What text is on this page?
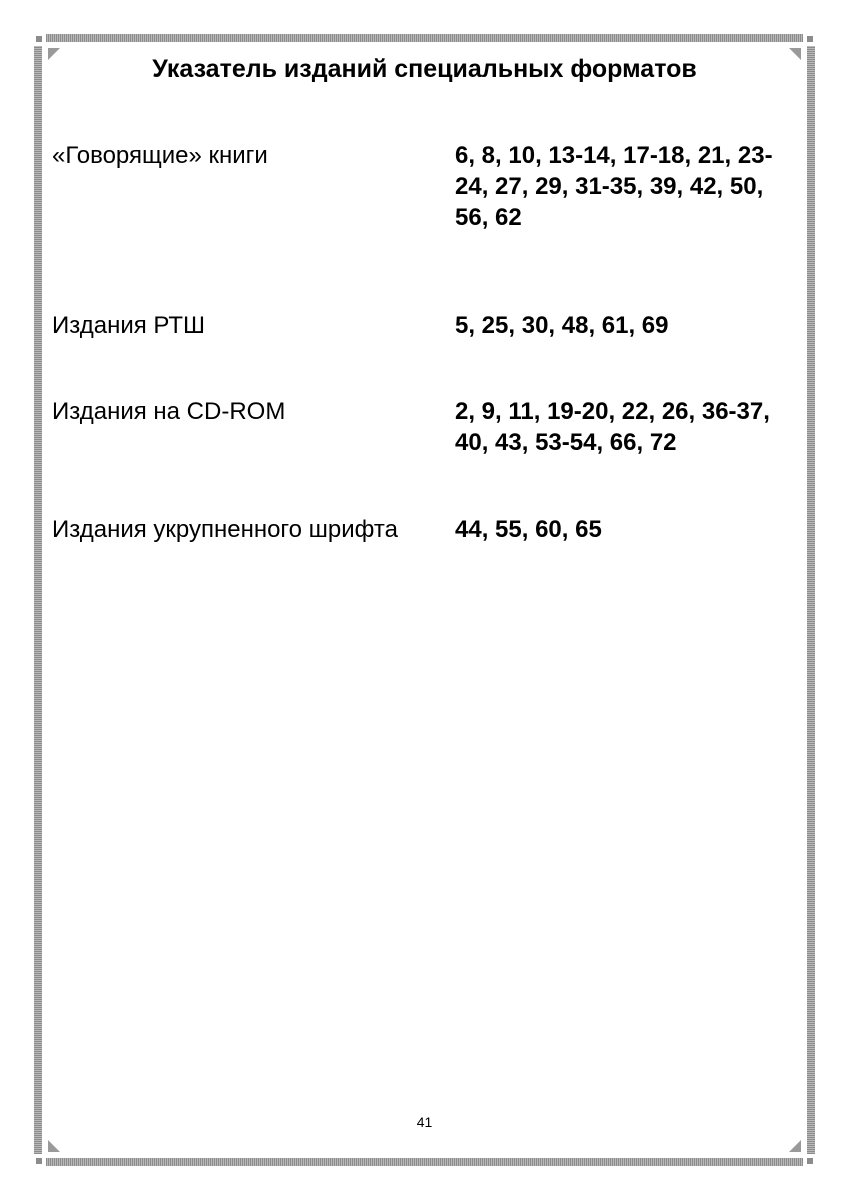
Указатель изданий специальных форматов
«Говорящие» книги	6, 8, 10, 13-14, 17-18, 21, 23-24, 27, 29, 31-35, 39, 42, 50, 56, 62
Издания РТШ	5, 25, 30, 48, 61, 69
Издания на CD-ROM	2, 9, 11, 19-20, 22, 26, 36-37, 40, 43, 53-54, 66, 72
Издания укрупненного шрифта 44, 55, 60, 65
41
